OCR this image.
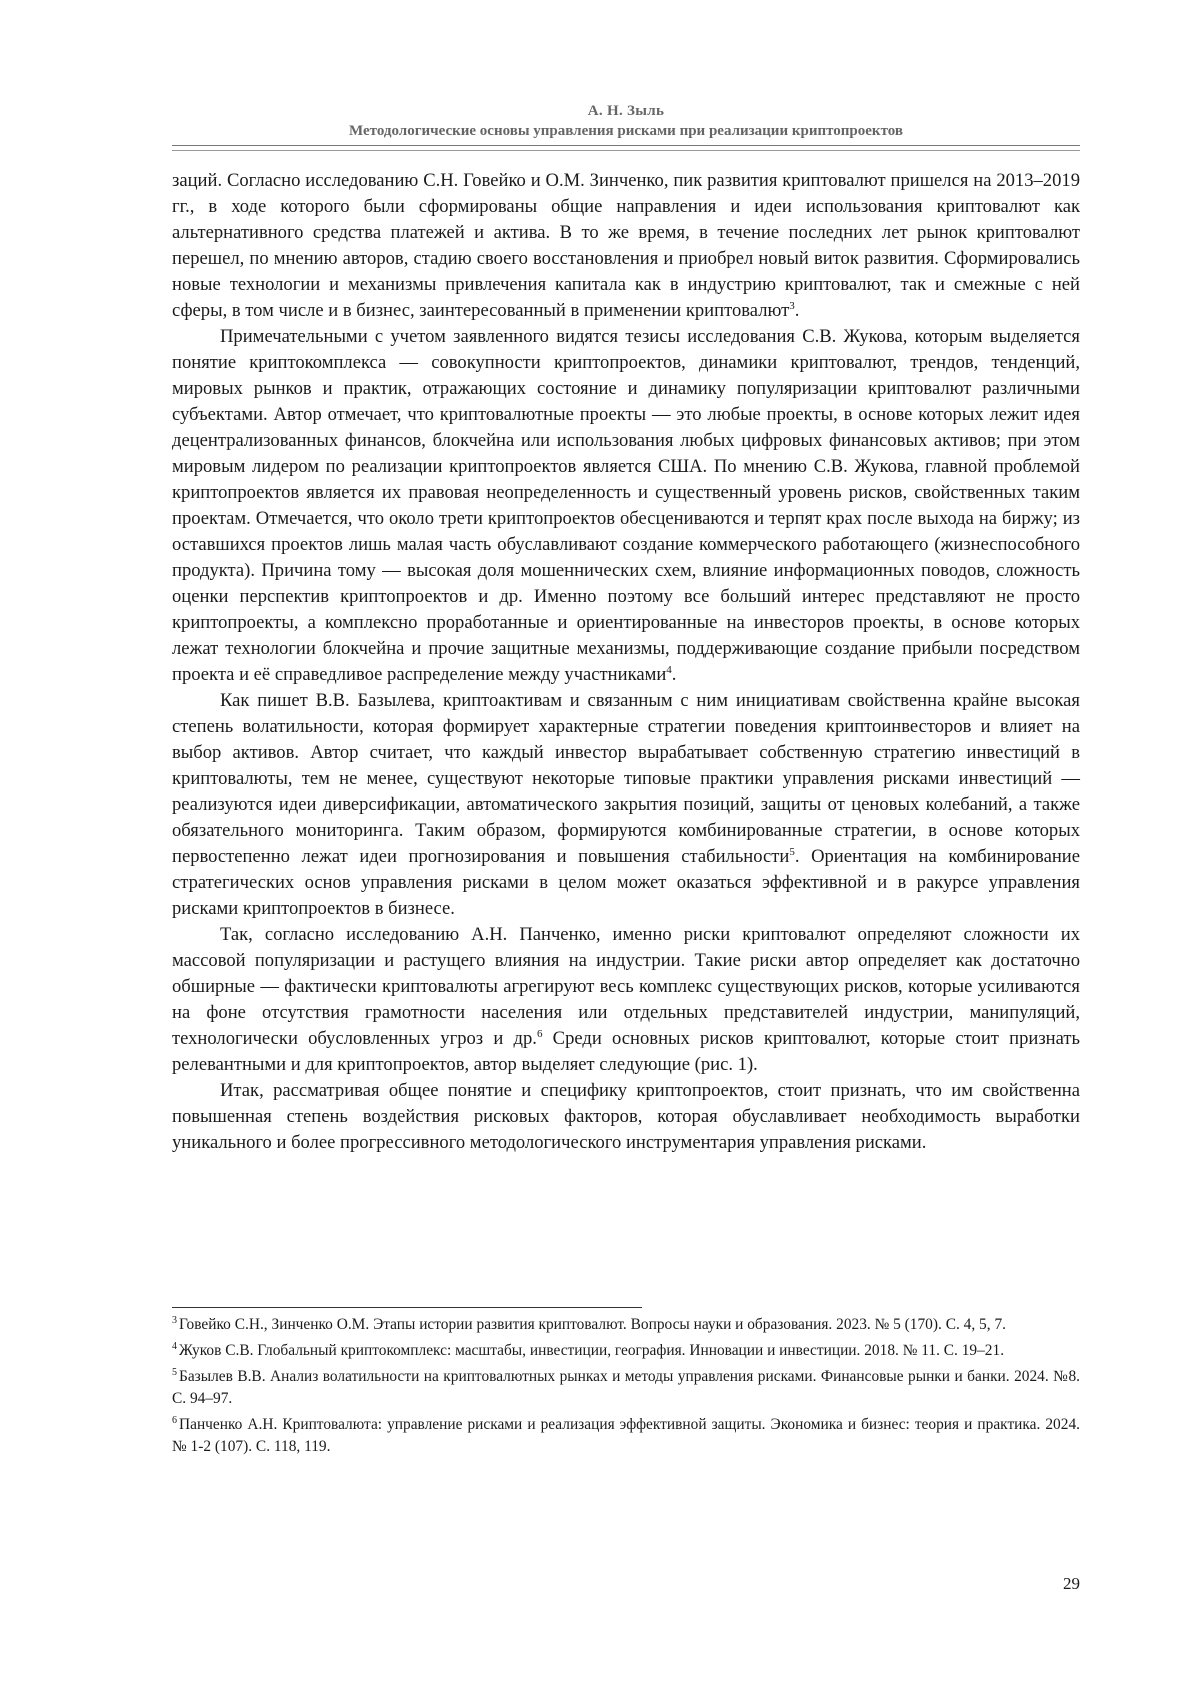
А. Н. Зыль
Методологические основы управления рисками при реализации криптопроектов

заций. Согласно исследованию С.Н. Говейко и О.М. Зинченко, пик развития криптовалют пришелся на 2013–2019 гг., в ходе которого были сформированы общие направления и идеи использования криптовалют как альтернативного средства платежей и актива. В то же время, в течение последних лет рынок криптовалют перешел, по мнению авторов, стадию своего восстановления и приобрел новый виток развития. Сформировались новые технологии и механизмы привлечения капитала как в индустрию криптовалют, так и смежные с ней сферы, в том числе и в бизнес, заинтересованный в применении криптовалют$^3$.

Примечательными с учетом заявленного видятся тезисы исследования С.В. Жукова, которым выделяется понятие криптокомплекса — совокупности криптопроектов, динамики криптовалют, трендов, тенденций, мировых рынков и практик, отражающих состояние и динамику популяризации криптовалют различными субъектами. Автор отмечает, что криптовалютные проекты — это любые проекты, в основе которых лежит идея децентрализованных финансов, блокчейна или использования любых цифровых финансовых активов; при этом мировым лидером по реализации криптопроектов является США. По мнению С.В. Жукова, главной проблемой криптопроектов является их правовая неопределенность и существенный уровень рисков, свойственных таким проектам. Отмечается, что около трети криптопроектов обесцениваются и терпят крах после выхода на биржу; из оставшихся проектов лишь малая часть обуславливают создание коммерческого работающего (жизнеспособного продукта). Причина тому — высокая доля мошеннических схем, влияние информационных поводов, сложность оценки перспектив криптопроектов и др. Именно поэтому все больший интерес представляют не просто криптопроекты, а комплексно проработанные и ориентированные на инвесторов проекты, в основе которых лежат технологии блокчейна и прочие защитные механизмы, поддерживающие создание прибыли посредством проекта и её справедливое распределение между участниками$^4$.

Как пишет В.В. Базылева, криптоактивам и связанным с ним инициативам свойственна крайне высокая степень волатильности, которая формирует характерные стратегии поведения криптоинвесторов и влияет на выбор активов. Автор считает, что каждый инвестор вырабатывает собственную стратегию инвестиций в криптовалюты, тем не менее, существуют некоторые типовые практики управления рисками инвестиций — реализуются идеи диверсификации, автоматического закрытия позиций, защиты от ценовых колебаний, а также обязательного мониторинга. Таким образом, формируются комбинированные стратегии, в основе которых первостепенно лежат идеи прогнозирования и повышения стабильности$^5$. Ориентация на комбинирование стратегических основ управления рисками в целом может оказаться эффективной и в ракурсе управления рисками криптопроектов в бизнесе.

Так, согласно исследованию А.Н. Панченко, именно риски криптовалют определяют сложности их массовой популяризации и растущего влияния на индустрии. Такие риски автор определяет как достаточно обширные — фактически криптовалюты агрегируют весь комплекс существующих рисков, которые усиливаются на фоне отсутствия грамотности населения или отдельных представителей индустрии, манипуляций, технологически обусловленных угроз и др.$^6$ Среди основных рисков криптовалют, которые стоит признать релевантными и для криптопроектов, автор выделяет следующие (рис. 1).

Итак, рассматривая общее понятие и специфику криптопроектов, стоит признать, что им свойственна повышенная степень воздействия рисковых факторов, которая обуславливает необходимость выработки уникального и более прогрессивного методологического инструментария управления рисками.

$^3$ Говейко С.Н., Зинченко О.М. Этапы истории развития криптовалют. Вопросы науки и образования. 2023. № 5 (170). С. 4, 5, 7.

$^4$ Жуков С.В. Глобальный криптокомплекс: масштабы, инвестиции, география. Инновации и инвестиции. 2018. № 11. С. 19–21.

$^5$ Базылев В.В. Анализ волатильности на криптовалютных рынках и методы управления рисками. Финансовые рынки и банки. 2024. №8. С. 94–97.

$^6$ Панченко А.Н. Криптовалюта: управление рисками и реализация эффективной защиты. Экономика и бизнес: теория и практика. 2024. № 1-2 (107). С. 118, 119.

29
